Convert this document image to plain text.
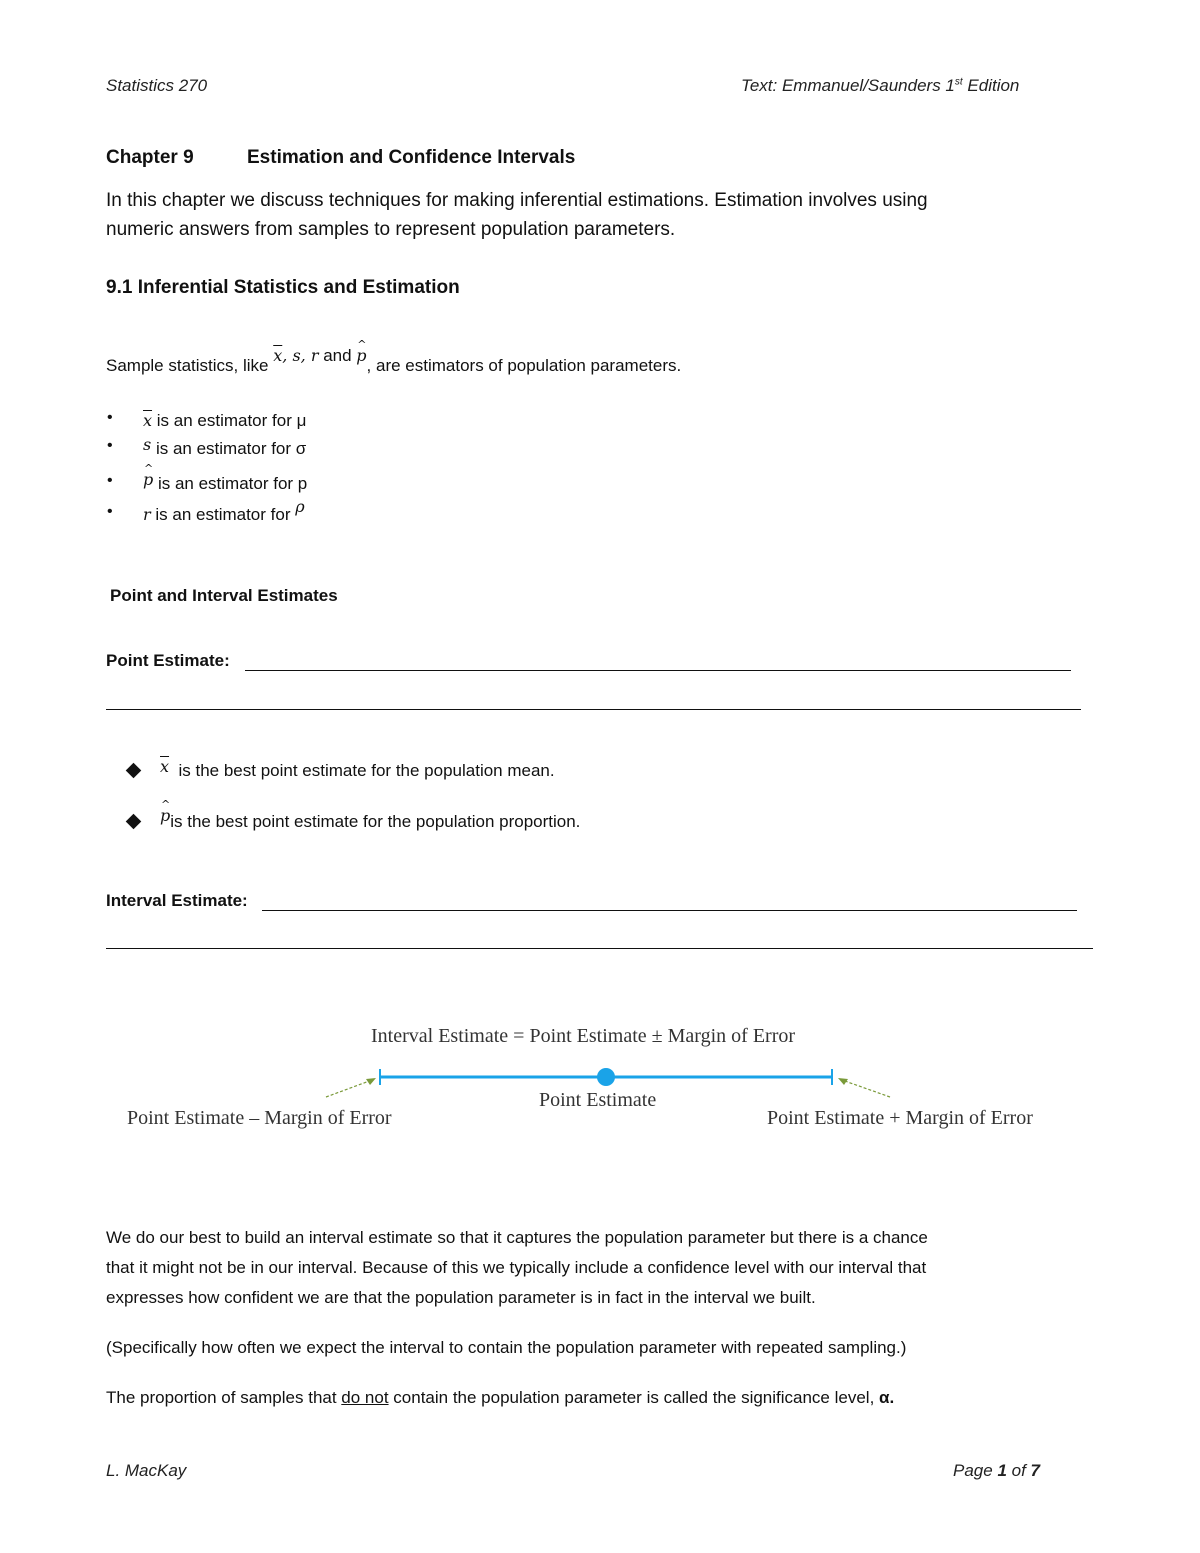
Statistics 270	Text: Emmanuel/Saunders 1st Edition
Chapter 9	Estimation and Confidence Intervals
In this chapter we discuss techniques for making inferential estimations. Estimation involves using
numeric answers from samples to represent population parameters.
9.1 Inferential Statistics and Estimation
Sample statistics, like $\overline{x}$, s, r and ^ p, are estimators of population parameters.
• $\overline{x}$ is an estimator for μ
• s is an estimator for σ
• ^ p is an estimator for p
• r is an estimator for ρ
Point and Interval Estimates
Point Estimate:
$\overline{x}$  is the best point estimate for the population mean.
^ pis the best point estimate for the population proportion.
Interval Estimate:
Interval Estimate = Point Estimate ± Margin of Error
Point Estimate
Point Estimate – Margin of Error	Point Estimate + Margin of Error
We do our best to build an interval estimate so that it captures the population parameter but there is a chance
that it might not be in our interval. Because of this we typically include a confidence level with our interval that
expresses how confident we are that the population parameter is in fact in the interval we built.
(Specifically how often we expect the interval to contain the population parameter with repeated sampling.)
The proportion of samples that do not contain the population parameter is called the significance level, α.
L. MacKay	Page 1 of 7
